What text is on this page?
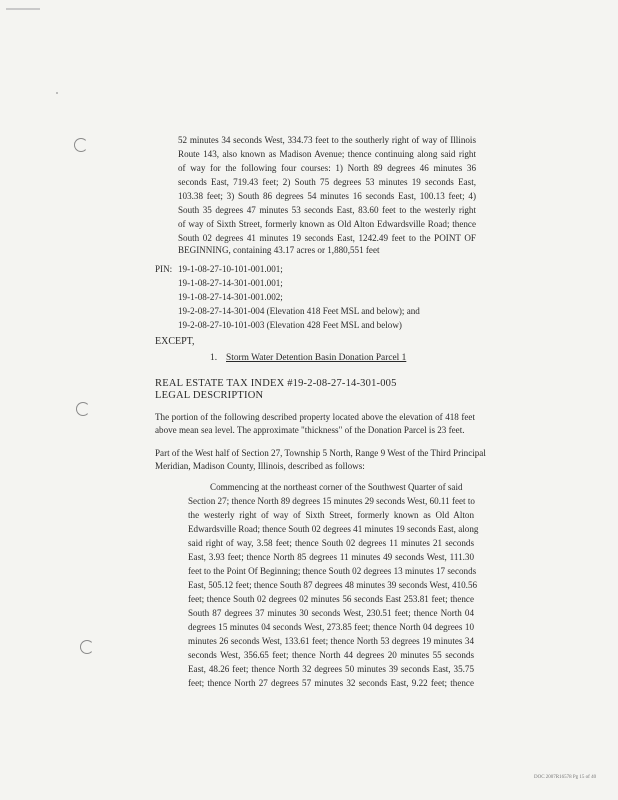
52 minutes 34 seconds West, 334.73 feet to the southerly right of way of Illinois
Route 143, also known as Madison Avenue; thence continuing along said right
of way for the following four courses: 1) North 89 degrees 46 minutes 36
seconds East, 719.43 feet; 2) South 75 degrees 53 minutes 19 seconds East,
103.38 feet; 3) South 86 degrees 54 minutes 16 seconds East, 100.13 feet; 4)
South 35 degrees 47 minutes 53 seconds East, 83.60 feet to the westerly right
of way of Sixth Street, formerly known as Old Alton Edwardsville Road; thence
South 02 degrees 41 minutes 19 seconds East, 1242.49 feet to the POINT OF
BEGINNING, containing 43.17 acres or 1,880,551 feet
PIN: 19-1-08-27-10-101-001.001;
19-1-08-27-14-301-001.001;
19-1-08-27-14-301-001.002;
19-2-08-27-14-301-004 (Elevation 418 Feet MSL and below); and
19-2-08-27-10-101-003 (Elevation 428 Feet MSL and below)
EXCEPT,
1. Storm Water Detention Basin Donation Parcel 1
REAL ESTATE TAX INDEX #19-2-08-27-14-301-005
LEGAL DESCRIPTION
The portion of the following described property located above the elevation of 418 feet
above mean sea level. The approximate "thickness" of the Donation Parcel is 23 feet.
Part of the West half of Section 27, Township 5 North, Range 9 West of the Third Principal
Meridian, Madison County, Illinois, described as follows:
Commencing at the northeast corner of the Southwest Quarter of said
Section 27; thence North 89 degrees 15 minutes 29 seconds West, 60.11 feet to
the westerly right of way of Sixth Street, formerly known as Old Alton
Edwardsville Road; thence South 02 degrees 41 minutes 19 seconds East, along
said right of way, 3.58 feet; thence South 02 degrees 11 minutes 21 seconds
East, 3.93 feet; thence North 85 degrees 11 minutes 49 seconds West, 111.30
feet to the Point Of Beginning; thence South 02 degrees 13 minutes 17 seconds
East, 505.12 feet; thence South 87 degrees 48 minutes 39 seconds West, 410.56
feet; thence South 02 degrees 02 minutes 56 seconds East 253.81 feet; thence
South 87 degrees 37 minutes 30 seconds West, 230.51 feet; thence North 04
degrees 15 minutes 04 seconds West, 273.85 feet; thence North 04 degrees 10
minutes 26 seconds West, 133.61 feet; thence North 53 degrees 19 minutes 34
seconds West, 356.65 feet; thence North 44 degrees 20 minutes 55 seconds
East, 48.26 feet; thence North 32 degrees 50 minutes 39 seconds East, 35.75
feet; thence North 27 degrees 57 minutes 32 seconds East, 9.22 feet; thence
DOC 2007R16578 Pg 15 of 40
